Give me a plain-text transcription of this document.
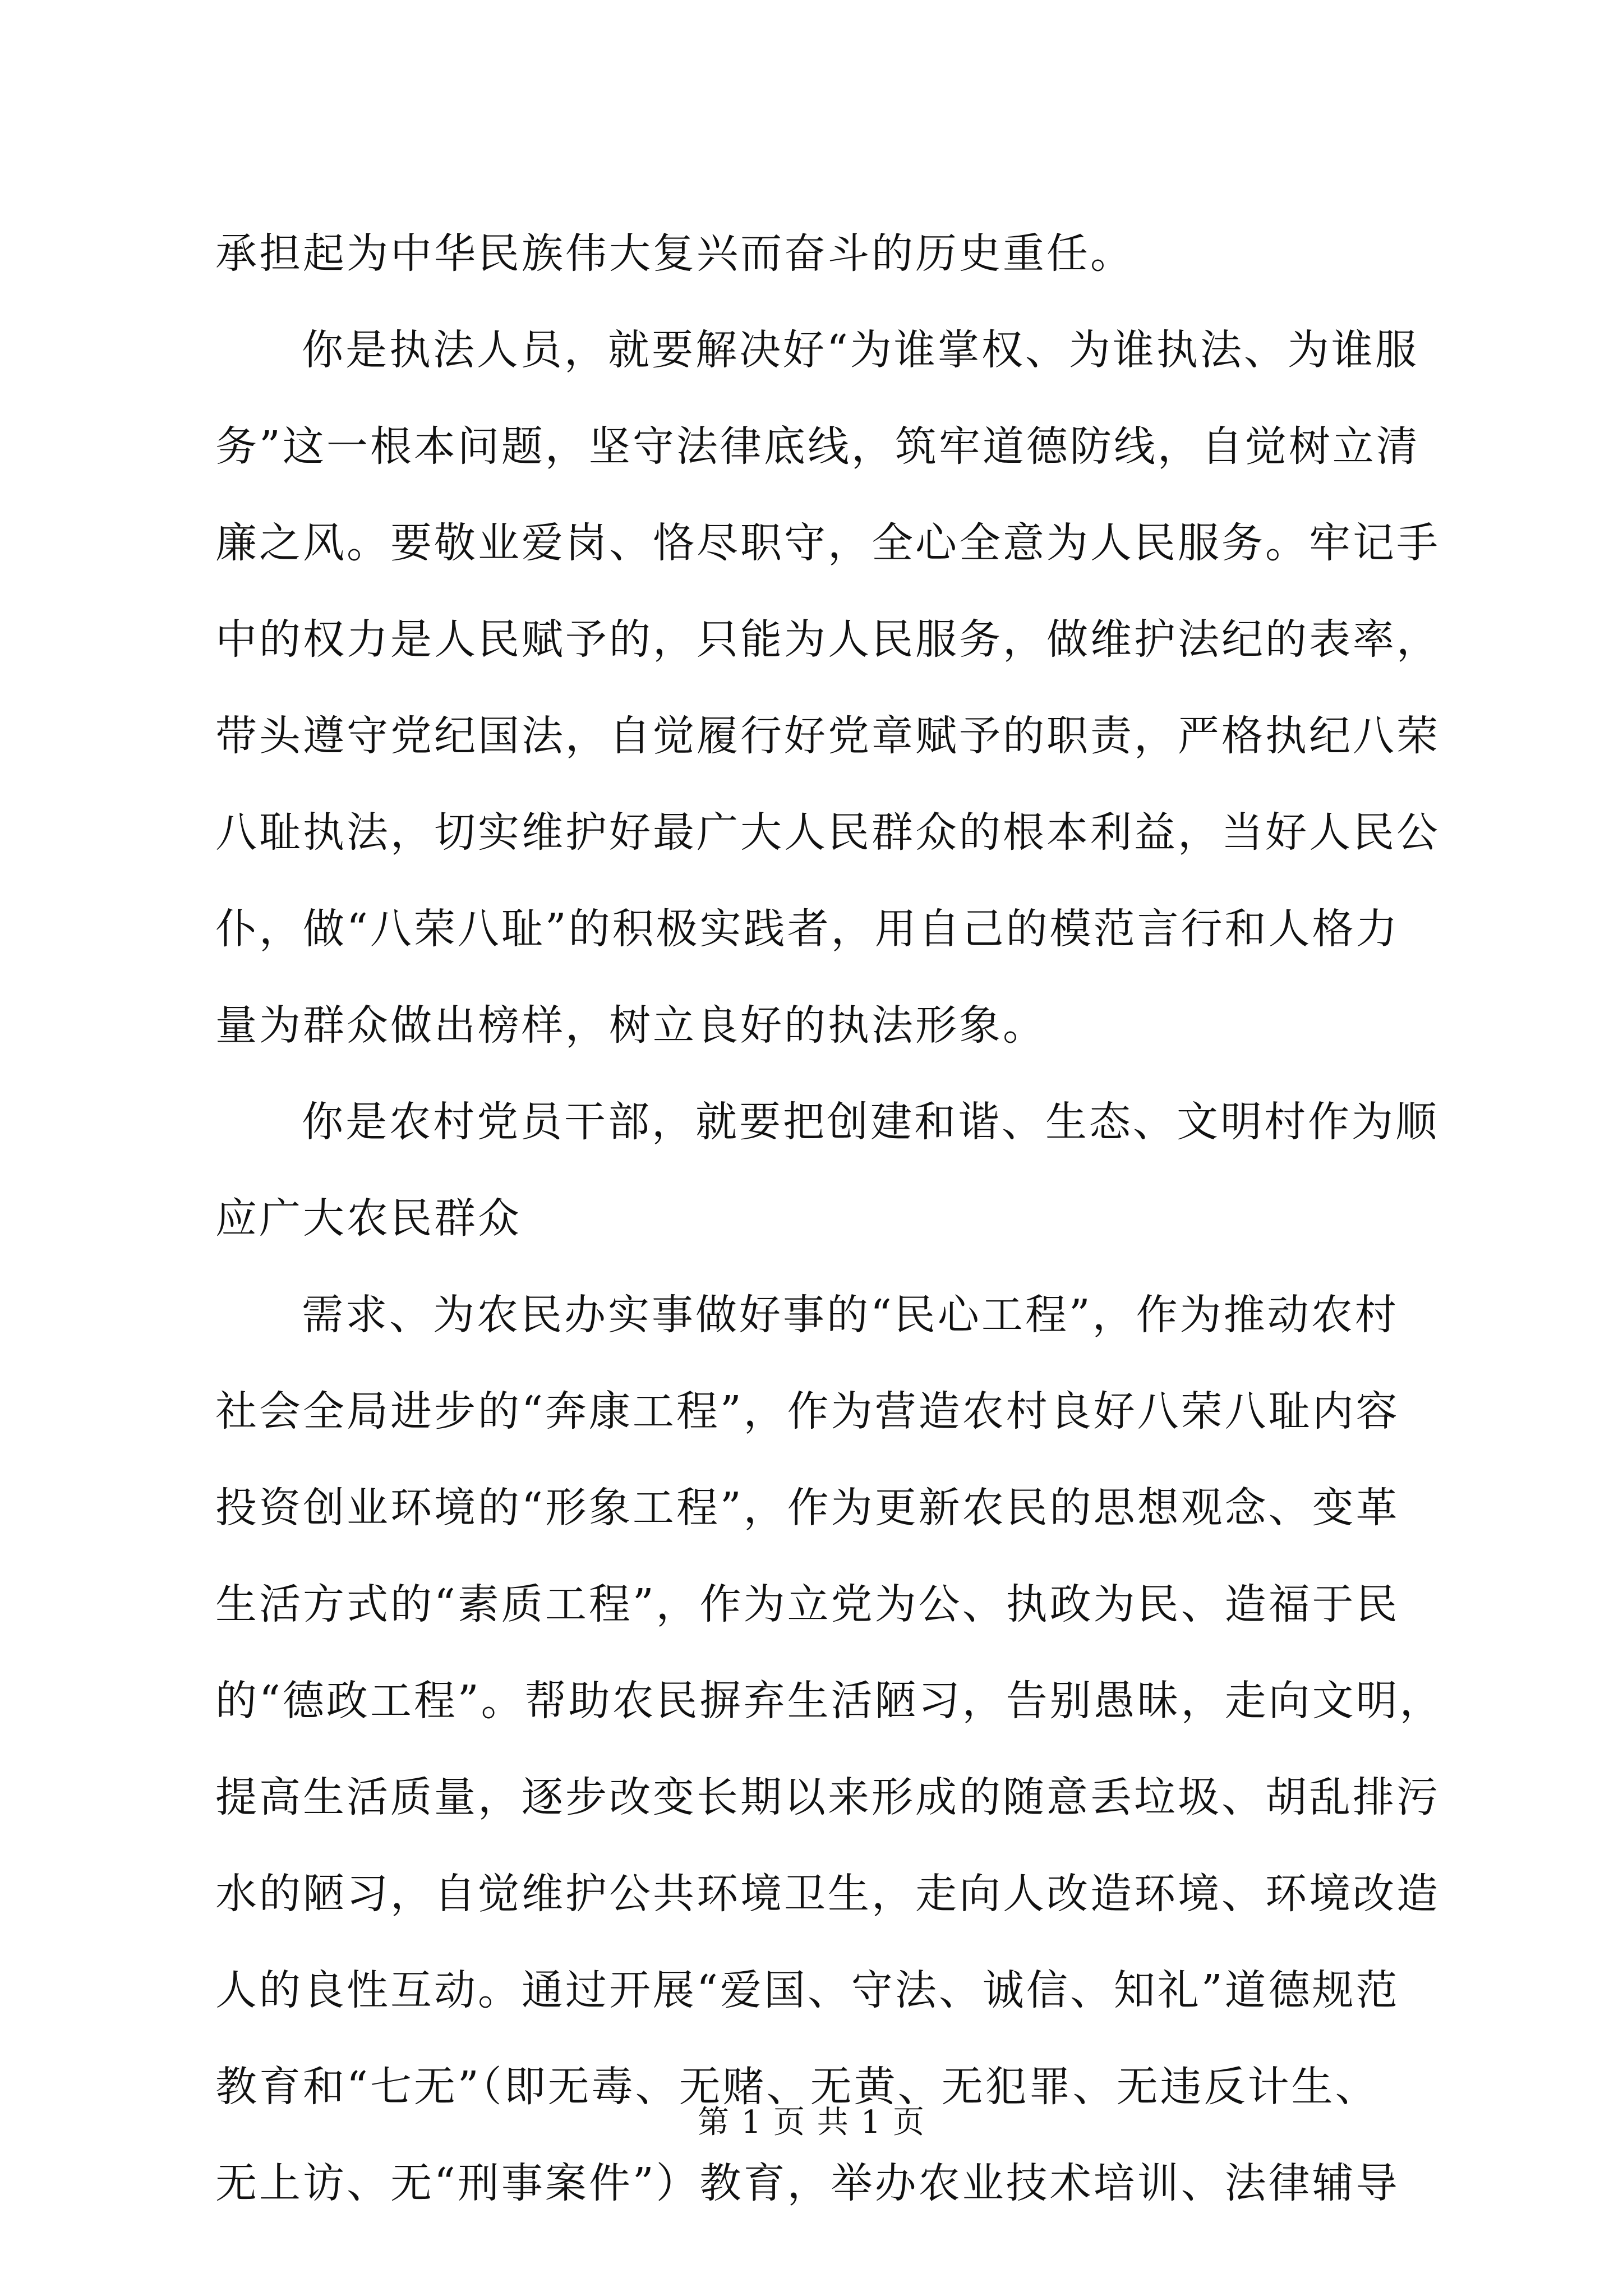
承担起为中华民族伟大复兴而奋斗的历史重任。
你是执法人员，就要解决好“为谁掌权、为谁执法、为谁服
务”这一根本问题，坚守法律底线，筑牢道德防线，自觉树立清
廉之风。要敬业爱岗、恪尽职守，全心全意为人民服务。牢记手
中的权力是人民赋予的，只能为人民服务，做维护法纪的表率，
带头遵守党纪国法，自觉履行好党章赋予的职责，严格执纪八荣
八耻执法，切实维护好最广大人民群众的根本利益，当好人民公
仆，做“八荣八耻”的积极实践者，用自己的模范言行和人格力
量为群众做出榜样，树立良好的执法形象。
你是农村党员干部，就要把创建和谐、生态、文明村作为顺
应广大农民群众
需求、为农民办实事做好事的“民心工程”，作为推动农村
社会全局进步的“奔康工程”，作为营造农村良好八荣八耻内容
投资创业环境的“形象工程”，作为更新农民的思想观念、变革
生活方式的“素质工程”，作为立党为公、执政为民、造福于民
的“德政工程”。帮助农民摒弃生活陋习，告别愚昧，走向文明，
提高生活质量，逐步改变长期以来形成的随意丢垃圾、胡乱排污
水的陋习，自觉维护公共环境卫生，走向人改造环境、环境改造
人的良性互动。通过开展“爱国、守法、诚信、知礼”道德规范
教育和“七无”（即无毒、无赌、无黄、无犯罪、无违反计生、
无上访、无“刑事案件”）教育，举办农业技术培训、法律辅导
第 1 页 共 1 页
